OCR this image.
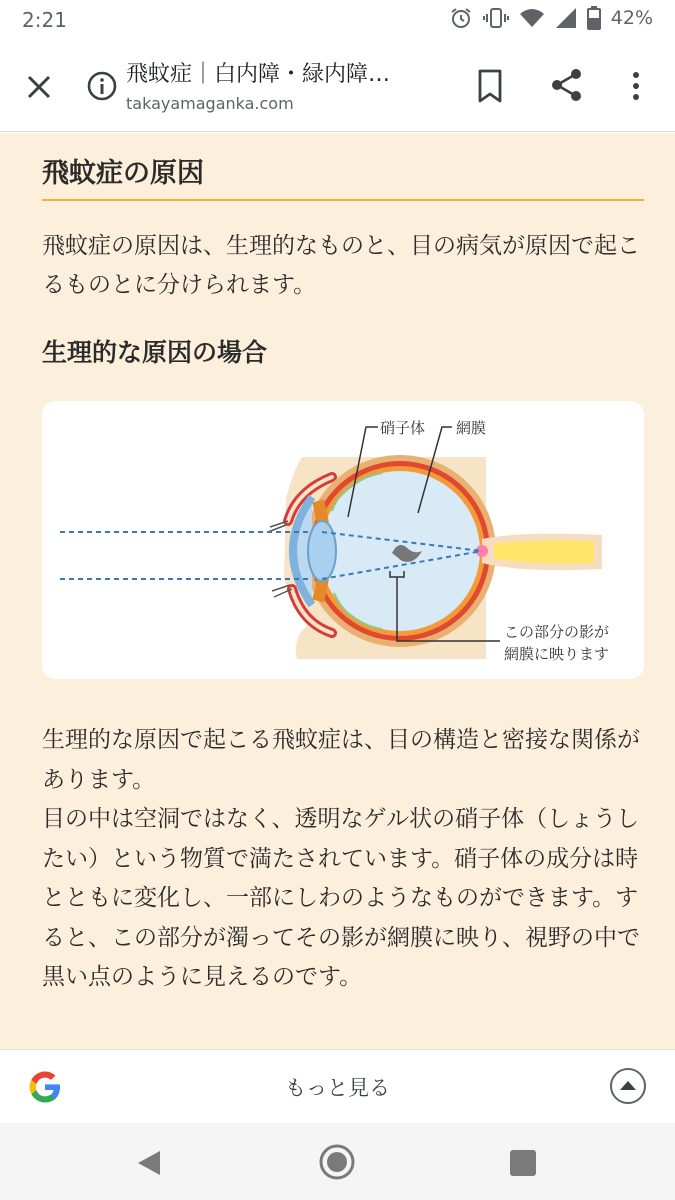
2:21	42%
飛蚊症｜白内障・緑内障…
takayamaganka.com
飛蚊症の原因
飛蚊症の原因は、生理的なものと、目の病気が原因で起こるものとに分けられます。
生理的な原因の場合
硝子体 網膜
この部分の影が
網膜に映ります
生理的な原因で起こる飛蚊症は、目の構造と密接な関係があります。
目の中は空洞ではなく、透明なゲル状の硝子体（しょうしたい）という物質で満たされています。硝子体の成分は時とともに変化し、一部にしわのようなものができます。すると、この部分が濁ってその影が網膜に映り、視野の中で黒い点のように見えるのです。
もっと見る
